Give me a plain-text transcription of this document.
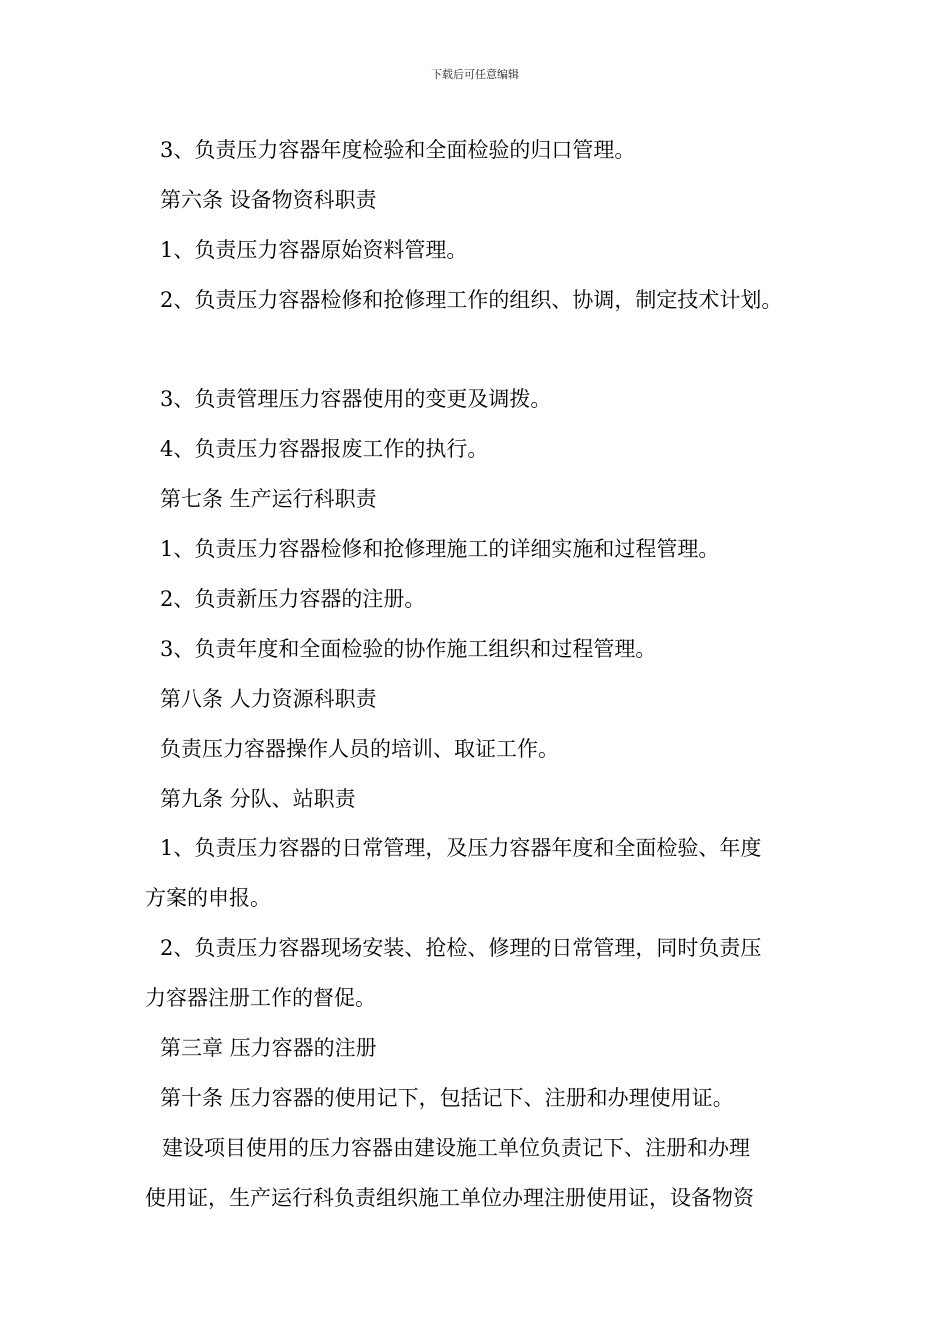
下载后可任意编辑
3、负责压力容器年度检验和全面检验的归口管理。
第六条 设备物资科职责
1、负责压力容器原始资料管理。
2、负责压力容器检修和抢修理工作的组织、协调，制定技术计划。
3、负责管理压力容器使用的变更及调拨。
4、负责压力容器报废工作的执行。
第七条 生产运行科职责
1、负责压力容器检修和抢修理施工的详细实施和过程管理。
2、负责新压力容器的注册。
3、负责年度和全面检验的协作施工组织和过程管理。
第八条 人力资源科职责
负责压力容器操作人员的培训、取证工作。
第九条 分队、站职责
1、负责压力容器的日常管理，及压力容器年度和全面检验、年度
方案的申报。
2、负责压力容器现场安装、抢检、修理的日常管理，同时负责压
力容器注册工作的督促。
第三章 压力容器的注册
第十条 压力容器的使用记下，包括记下、注册和办理使用证。
建设项目使用的压力容器由建设施工单位负责记下、注册和办理
使用证，生产运行科负责组织施工单位办理注册使用证，设备物资
